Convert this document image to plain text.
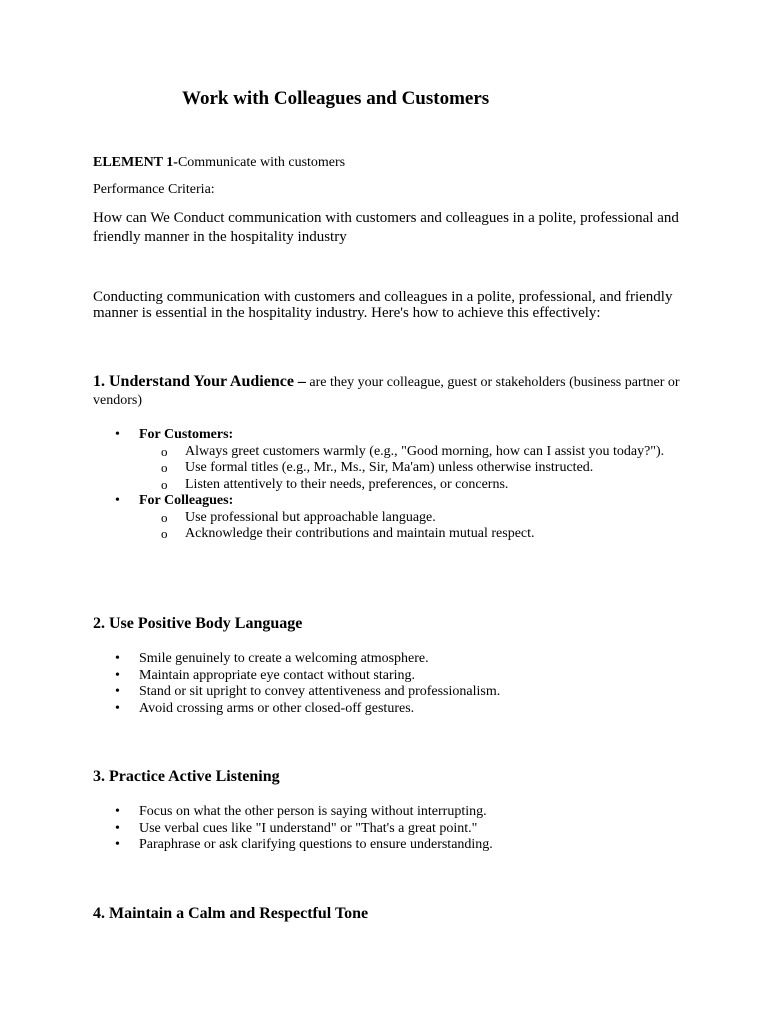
Work with Colleagues and Customers
ELEMENT 1-Communicate with customers
Performance Criteria:
How can We Conduct communication with customers and colleagues in a polite, professional and friendly manner in the hospitality industry
Conducting communication with customers and colleagues in a polite, professional, and friendly manner is essential in the hospitality industry. Here's how to achieve this effectively:
1. Understand Your Audience – are they your colleague, guest or stakeholders (business partner or vendors)
• For Customers:
o Always greet customers warmly (e.g., "Good morning, how can I assist you today?").
o Use formal titles (e.g., Mr., Ms., Sir, Ma'am) unless otherwise instructed.
o Listen attentively to their needs, preferences, or concerns.
• For Colleagues:
o Use professional but approachable language.
o Acknowledge their contributions and maintain mutual respect.
2. Use Positive Body Language
• Smile genuinely to create a welcoming atmosphere.
• Maintain appropriate eye contact without staring.
• Stand or sit upright to convey attentiveness and professionalism.
• Avoid crossing arms or other closed-off gestures.
3. Practice Active Listening
• Focus on what the other person is saying without interrupting.
• Use verbal cues like "I understand" or "That's a great point."
• Paraphrase or ask clarifying questions to ensure understanding.
4. Maintain a Calm and Respectful Tone
